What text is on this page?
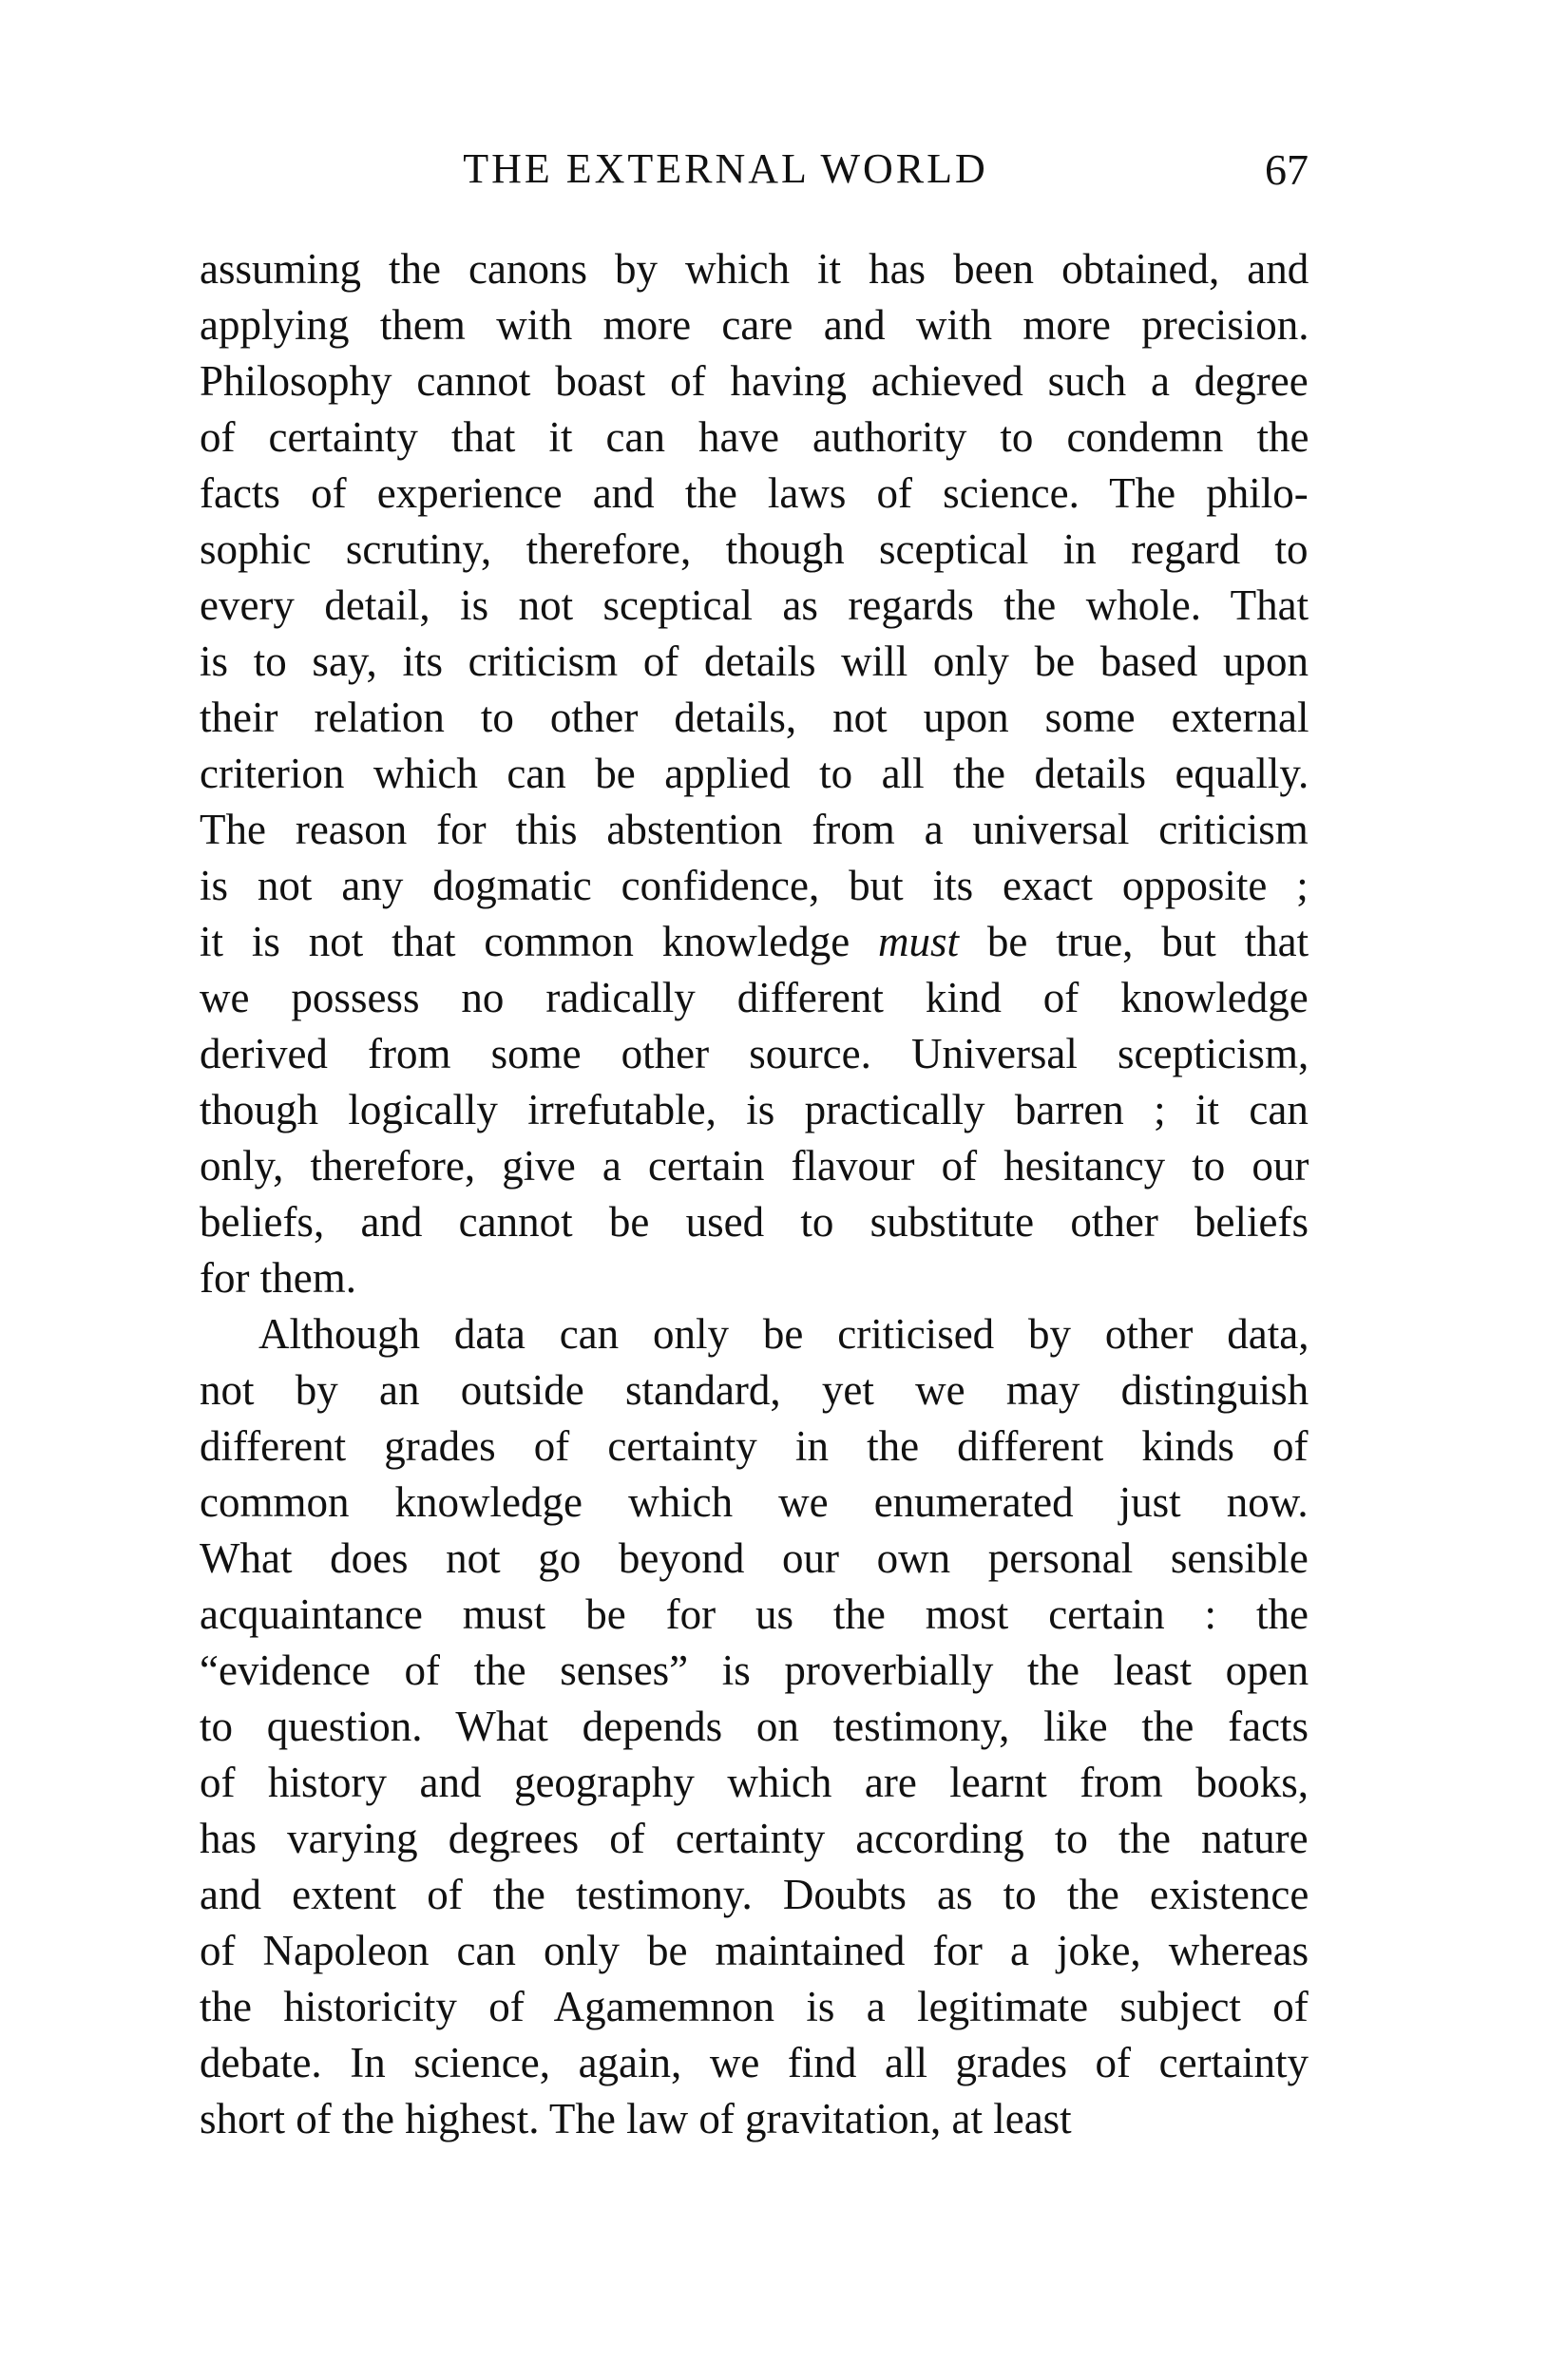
THE EXTERNAL WORLD	67
assuming the canons by which it has been obtained, and
applying them with more care and with more precision.
Philosophy cannot boast of having achieved such a degree
of certainty that it can have authority to condemn the
facts of experience and the laws of science. The philo-
sophic scrutiny, therefore, though sceptical in regard to
every detail, is not sceptical as regards the whole. That
is to say, its criticism of details will only be based upon
their relation to other details, not upon some external
criterion which can be applied to all the details equally.
The reason for this abstention from a universal criticism
is not any dogmatic confidence, but its exact opposite ;
it is not that common knowledge must be true, but that
we possess no radically different kind of knowledge
derived from some other source. Universal scepticism,
though logically irrefutable, is practically barren ; it can
only, therefore, give a certain flavour of hesitancy to our
beliefs, and cannot be used to substitute other beliefs
for them.
Although data can only be criticised by other data,
not by an outside standard, yet we may distinguish
different grades of certainty in the different kinds of
common knowledge which we enumerated just now.
What does not go beyond our own personal sensible
acquaintance must be for us the most certain : the
“evidence of the senses” is proverbially the least open
to question. What depends on testimony, like the facts
of history and geography which are learnt from books,
has varying degrees of certainty according to the nature
and extent of the testimony. Doubts as to the existence
of Napoleon can only be maintained for a joke, whereas
the historicity of Agamemnon is a legitimate subject of
debate. In science, again, we find all grades of certainty
short of the highest. The law of gravitation, at least
